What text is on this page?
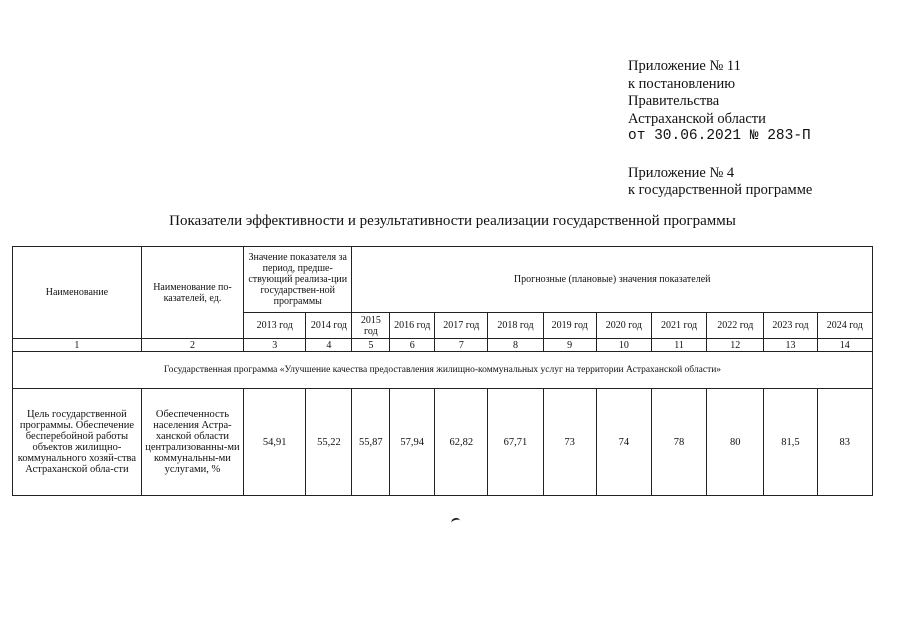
Приложение № 11
к постановлению
Правительства
Астраханской области
от 30.06.2021 № 283-П
Приложение № 4
к государственной программе
Показатели эффективности и результативности реализации государственной программы
Наименование	Наименование по-казателей, ед.	Значение показателя за период, предше-ствующий реализа-ции государствен-ной программы		Прогнозные (плановые) значения показателей									
		2013 год	2014 год	2015 год	2016 год	2017 год	2018 год	2019 год	2020 год	2021 год	2022 год	2023 год	2024 год
1	2	3	4	5	6	7	8	9	10	11	12	13	14
Государственная программа «Улучшение качества предоставления жилищно-коммунальных услуг на территории Астраханской области»													
Цель государственной программы. Обеспечение бесперебойной работы объектов жилищно-коммунального хозяй-ства Астраханской обла-сти	Обеспеченность населения Астра-ханской области централизованны-ми коммунальны-ми услугами, %	54,91	55,22	55,87	57,94	62,82	67,71	73	74	78	80	81,5	83
